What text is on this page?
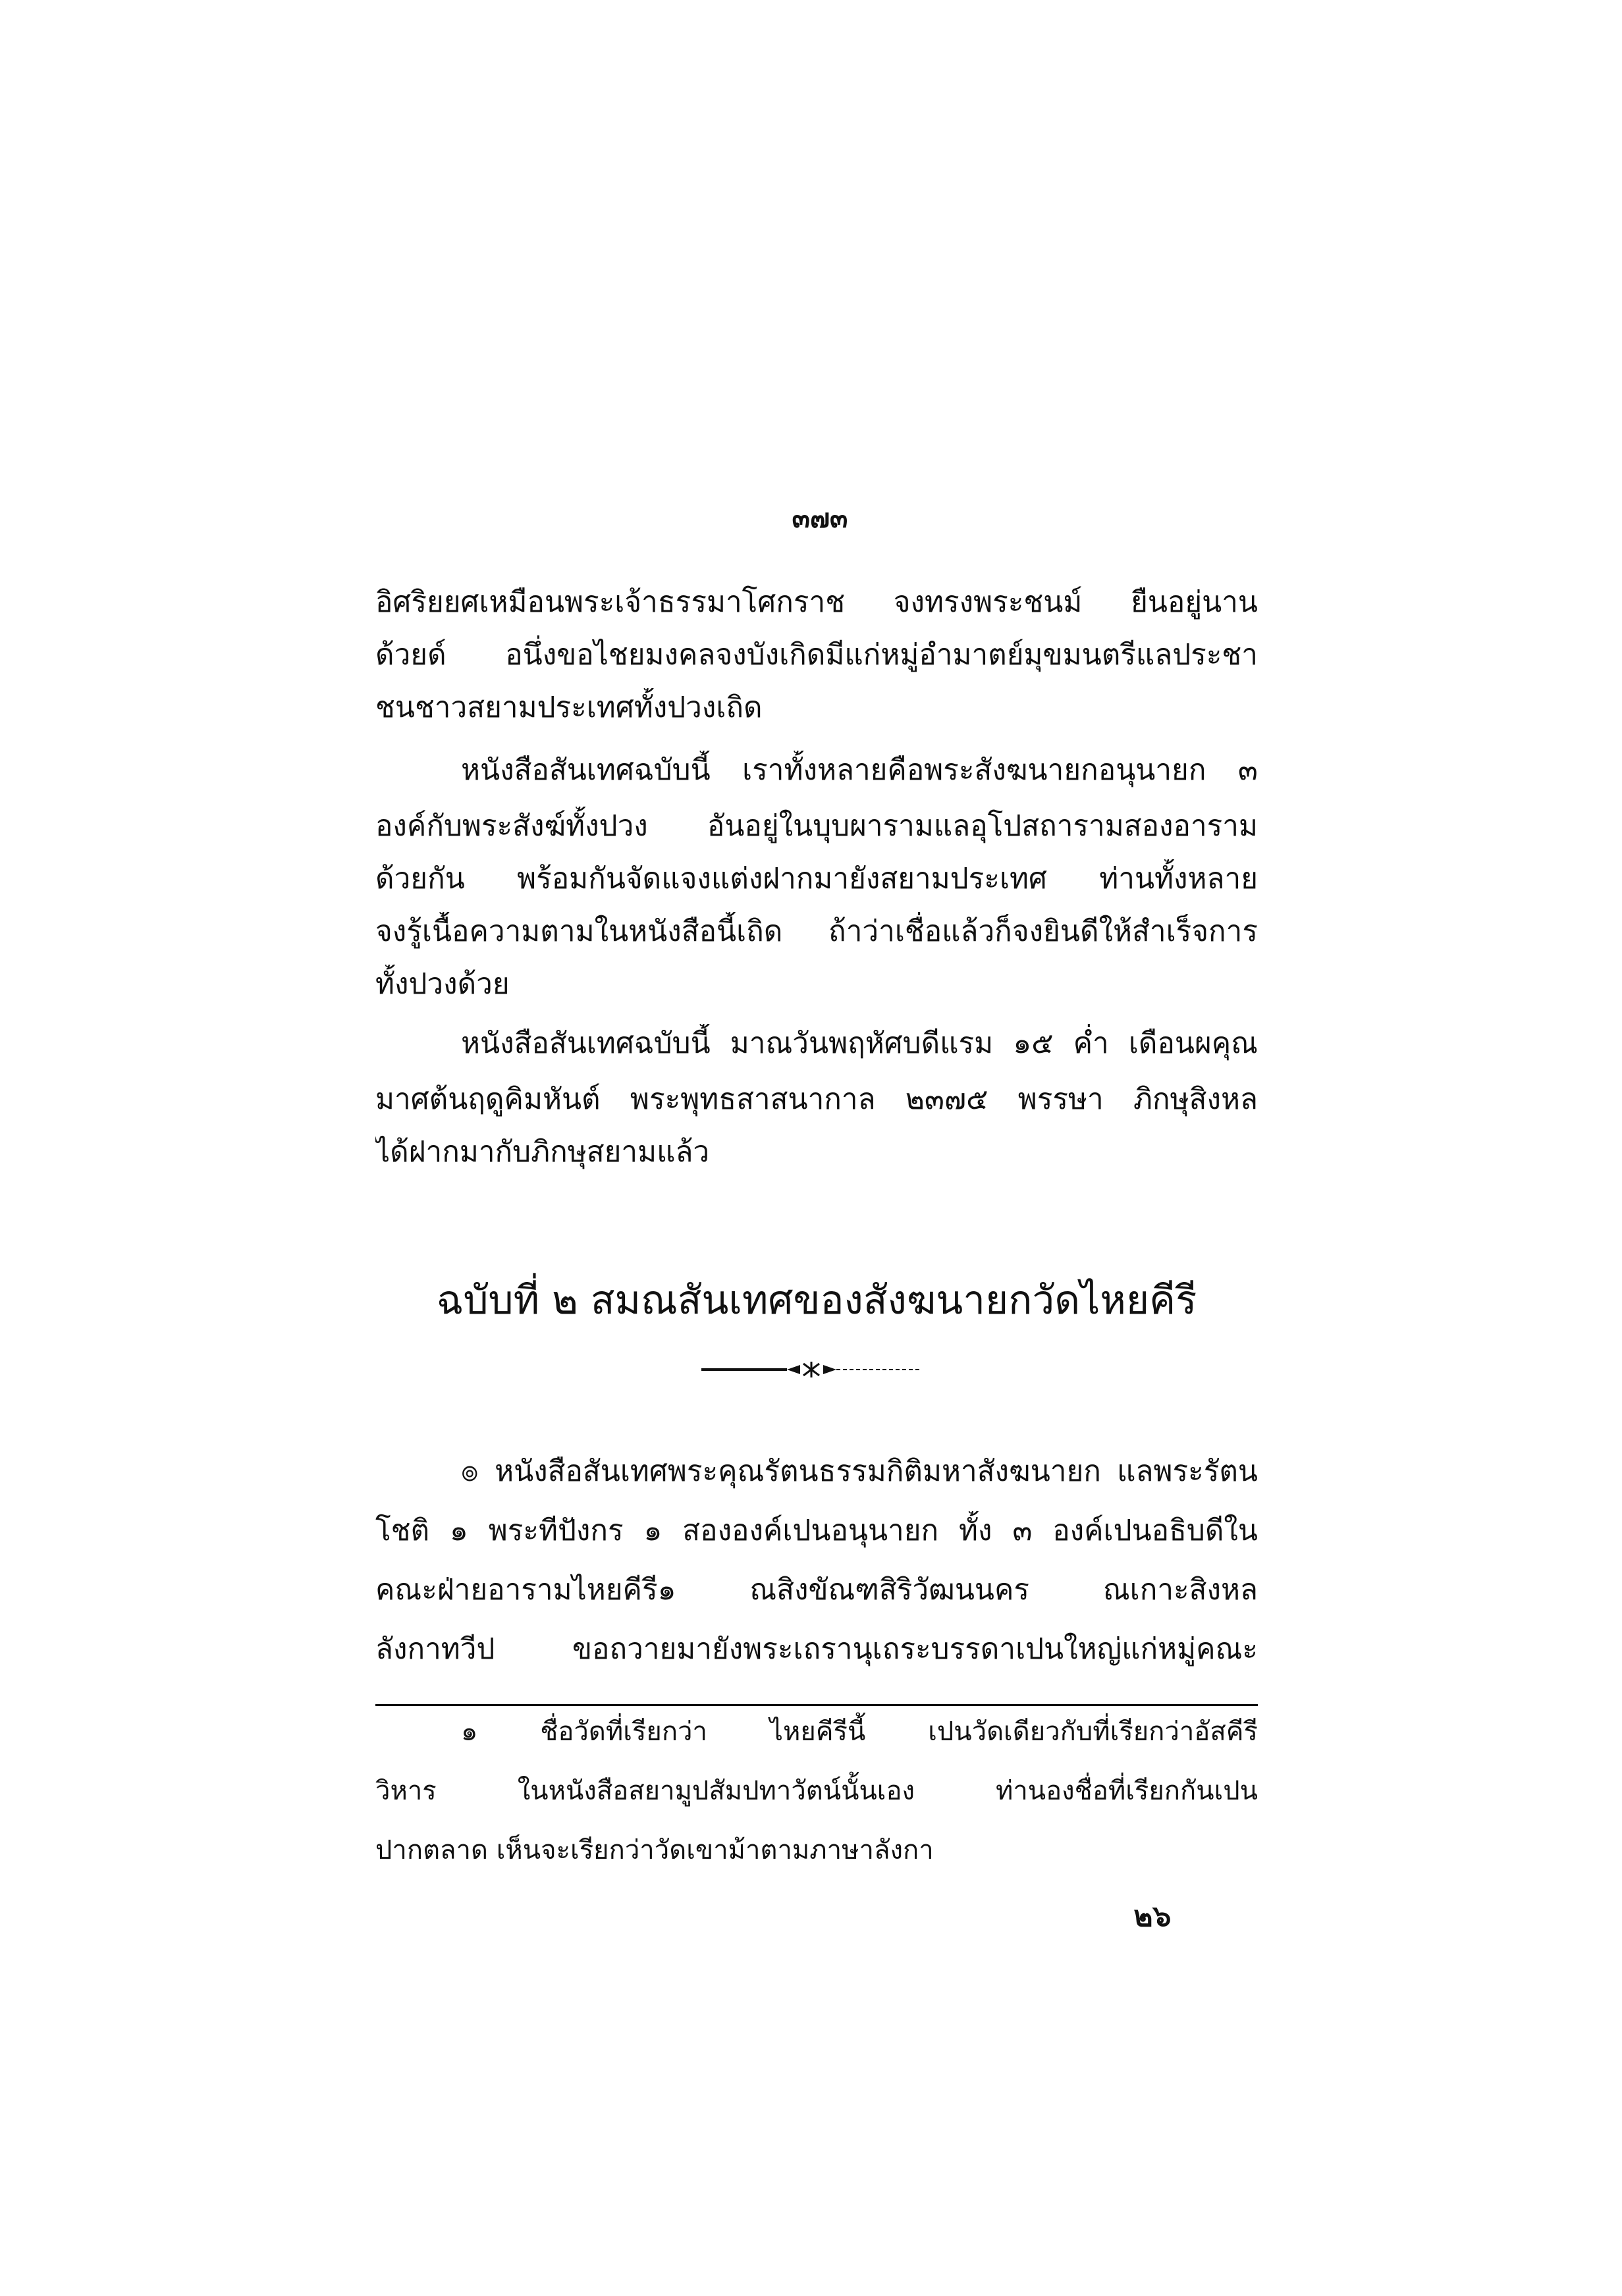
๓๗๓
อิศริยยศเหมือนพระเจ้าธรรมาโศกราช จงทรงพระชนม์ ยืนอยู่นาน
ด้วยด์ อนึ่งขอไชยมงคลจงบังเกิดมีแก่หมู่อำมาตย์มุขมนตรีแลประชา
ชนชาวสยามประเทศทั้งปวงเถิด
หนังสือสันเทศฉบับนี้ เราทั้งหลายคือพระสังฆนายกอนุนายก ๓
องค์กับพระสังฆ์ทั้งปวง อันอยู่ในบุบผารามแลอุโปสถารามสองอาราม
ด้วยกัน พร้อมกันจัดแจงแต่งฝากมายังสยามประเทศ ท่านทั้งหลาย
จงรู้เนื้อความตามในหนังสือนี้เถิด ถ้าว่าเชื่อแล้วก็จงยินดีให้สำเร็จการ
ทั้งปวงด้วย
หนังสือสันเทศฉบับนี้ มาณวันพฤหัศบดีแรม ๑๕ ค่ำ เดือนผคุณ
มาศต้นฤดูคิมหันต์ พระพุทธสาสนากาล ๒๓๗๕ พรรษา ภิกษุสิงหล
ได้ฝากมากับภิกษุสยามแล้ว
ฉบับที่ ๒ สมณสันเทศของสังฆนายกวัดไหยคีรี
๏ หนังสือสันเทศพระคุณรัตนธรรมกิติมหาสังฆนายก แลพระรัตน
โชติ ๑ พระทีปังกร ๑ สององค์เปนอนุนายก ทั้ง ๓ องค์เปนอธิบดีใน
คณะฝ่ายอารามไหยคีรี๑ ณสิงขัณฑสิริวัฒนนคร ณเกาะสิงหล
ลังกาทวีป ขอถวายมายังพระเถรานุเถระบรรดาเปนใหญ่แก่หมู่คณะ
๑ ชื่อวัดที่เรียกว่า ไหยคีรีนี้ เปนวัดเดียวกับที่เรียกว่าอัสคีรี
วิหาร ในหนังสือสยามูปสัมปทาวัตน์นั้นเอง ท่านองชื่อที่เรียกกันเปน
ปากตลาด เห็นจะเรียกว่าวัดเขาม้าตามภาษาลังกา
๒๖
